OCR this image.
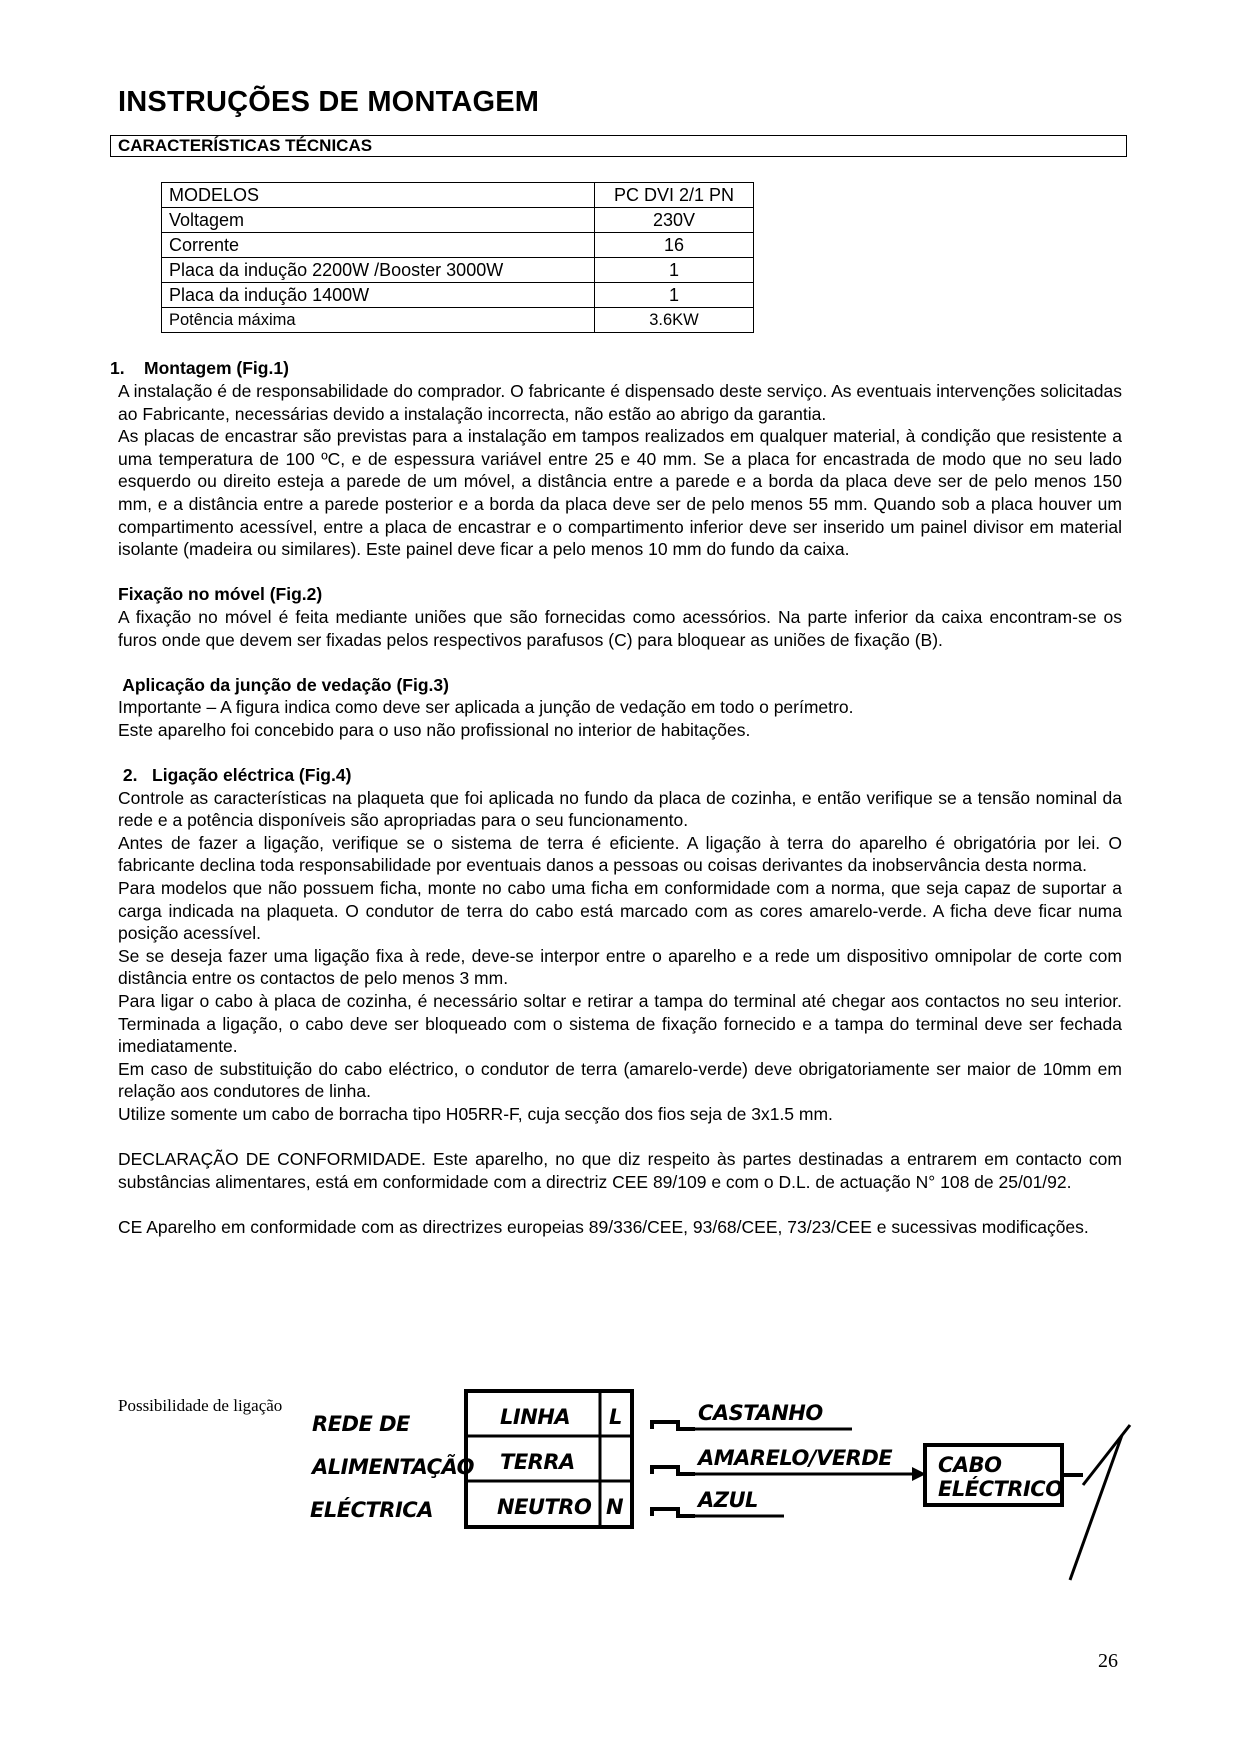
INSTRUÇÕES DE MONTAGEM
CARACTERÍSTICAS TÉCNICAS
MODELOS	PC DVI 2/1 PN
Voltagem	230V
Corrente	16
Placa da indução 2200W /Booster 3000W	1
Placa da indução 1400W	1
Potência máxima	3.6KW

1.    Montagem (Fig.1)

A instalação é de responsabilidade do comprador. O fabricante é dispensado deste serviço. As eventuais intervenções solicitadas ao Fabricante, necessárias devido a instalação incorrecta, não estão ao abrigo da garantia.

As placas de encastrar são previstas para a instalação em tampos realizados em qualquer material, à condição que resistente a uma temperatura de 100 ºC, e de espessura variável entre 25 e 40 mm. Se a placa for encastrada de modo que no seu lado esquerdo ou direito esteja a parede de um móvel, a distância entre a parede e a borda da placa deve ser de pelo menos 150 mm, e a distância entre a parede posterior e a borda da placa deve ser de pelo menos 55 mm. Quando sob a placa houver um compartimento acessível, entre a placa de encastrar e o compartimento inferior deve ser inserido um painel divisor em material isolante (madeira ou similares). Este painel deve ficar a pelo menos 10 mm do fundo da caixa.

Fixação no móvel (Fig.2)

A fixação no móvel é feita mediante uniões que são fornecidas como acessórios. Na parte inferior da caixa encontram-se os furos onde que devem ser fixadas pelos respectivos parafusos (C) para bloquear as uniões de fixação (B).

Aplicação da junção de vedação (Fig.3)

Importante – A figura indica como deve ser aplicada a junção de vedação em todo o perímetro.

Este aparelho foi concebido para o uso não profissional no interior de habitações.

2.   Ligação eléctrica (Fig.4)

Controle as características na plaqueta que foi aplicada no fundo da placa de cozinha, e então verifique se a tensão nominal da rede e a potência disponíveis são apropriadas para o seu funcionamento.

Antes de fazer a ligação, verifique se o sistema de terra é eficiente. A ligação à terra do aparelho é obrigatória por lei. O fabricante declina toda responsabilidade por eventuais danos a pessoas ou coisas derivantes da inobservância desta norma.

Para modelos que não possuem ficha, monte no cabo uma ficha em conformidade com a norma, que seja capaz de suportar a carga indicada na plaqueta. O condutor de terra do cabo está marcado com as cores amarelo-verde. A ficha deve ficar numa posição acessível.

Se se deseja fazer uma ligação fixa à rede, deve-se interpor entre o aparelho e a rede um dispositivo omnipolar de corte com distância entre os contactos de pelo menos 3 mm.

Para ligar o cabo à placa de cozinha, é necessário soltar e retirar a tampa do terminal até chegar aos contactos no seu interior. Terminada a ligação, o cabo deve ser bloqueado com o sistema de fixação fornecido e a tampa do terminal deve ser fechada imediatamente.

Em caso de substituição do cabo eléctrico, o condutor de terra (amarelo-verde) deve obrigatoriamente ser maior de 10mm em relação aos condutores de linha.

Utilize somente um cabo de borracha tipo H05RR-F, cuja secção dos fios seja de 3x1.5 mm.

DECLARAÇÃO DE CONFORMIDADE. Este aparelho, no que diz respeito às partes destinadas a entrarem em contacto com substâncias alimentares, está em conformidade com a directriz CEE 89/109 e com o D.L. de actuação N° 108 de 25/01/92.

CE Aparelho em conformidade com as directrizes europeias 89/336/CEE, 93/68/CEE, 73/23/CEE e sucessivas modificações.

Possibilidade de ligação
REDE DE
ALIMENTAÇÃO
ELÉCTRICA
LINHA
TERRA
NEUTRO
L
N
CASTANHO
AMARELO/VERDE
AZUL
CABO
ELÉCTRICO
26
